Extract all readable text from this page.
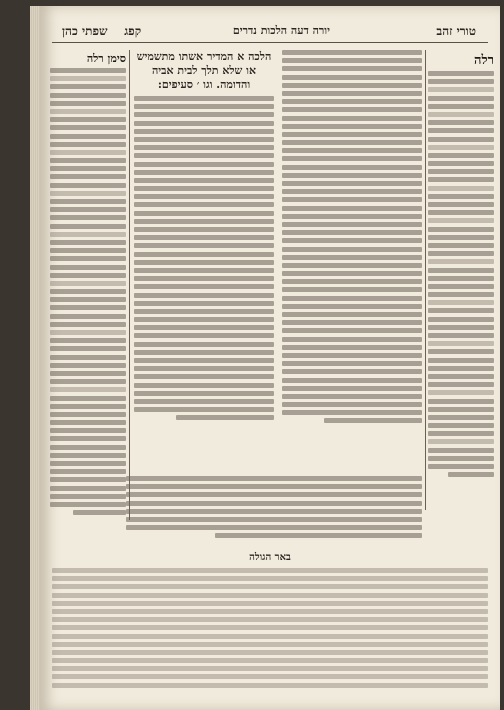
טורי זהב
יורה דעה הלכות נדרים
קפג    שפתי כהן
רלה
הלכה א המדיר אשתו מתשמיש או שלא תלך לבית אביה והדומה. וגו ׳ סעיפים:
סימן רלה
באר הגולה
